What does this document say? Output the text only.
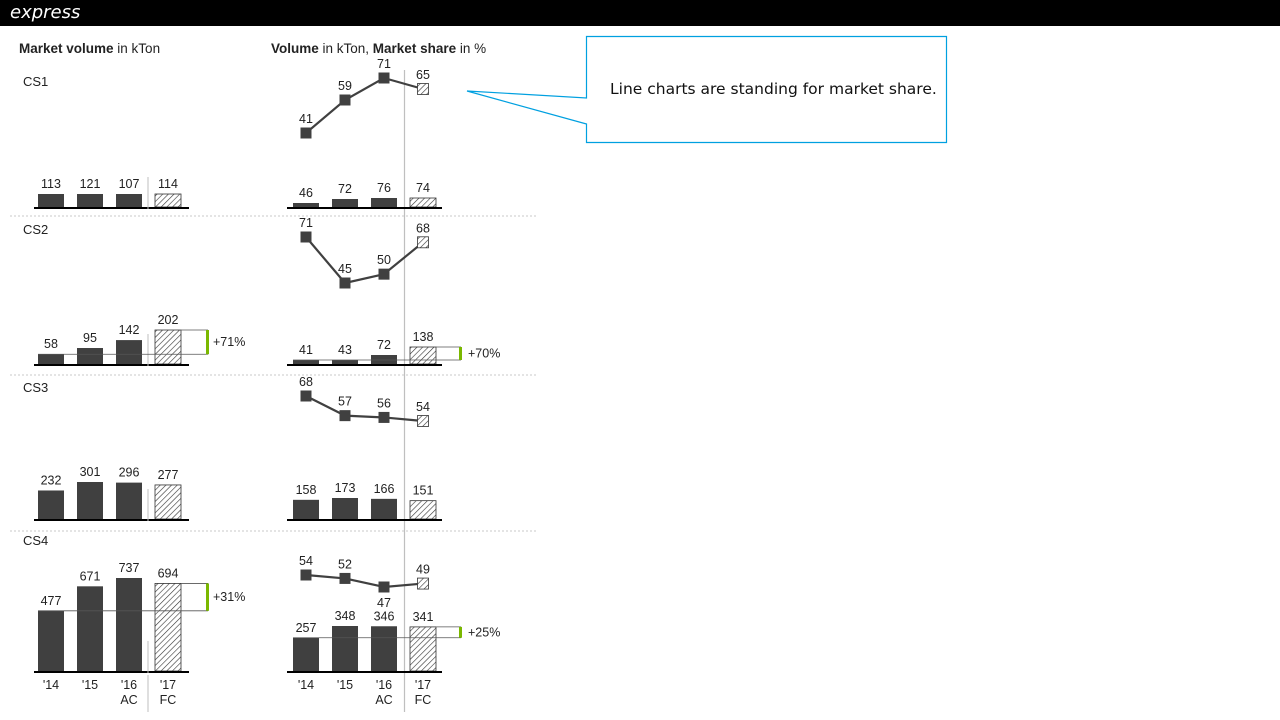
express
Market volume in kTon	Volume in kTon, Market share in %
CS1
113 121 107 114
46 72 76 74
41
59
71
65
CS2
58 95
142
202
41 43 72
138
71
45
50
68
+71%
+70%
CS3
232
301 296 277
158 173 166 151
68
57 56 54
CS4
477
671
737 694
257
348 346 341
54 52
47
49
+31%
+25%
'14	'14
'15	'15
'16	'16
'17	'17
AC	AC
FC	FC
Line charts are standing for market share.
